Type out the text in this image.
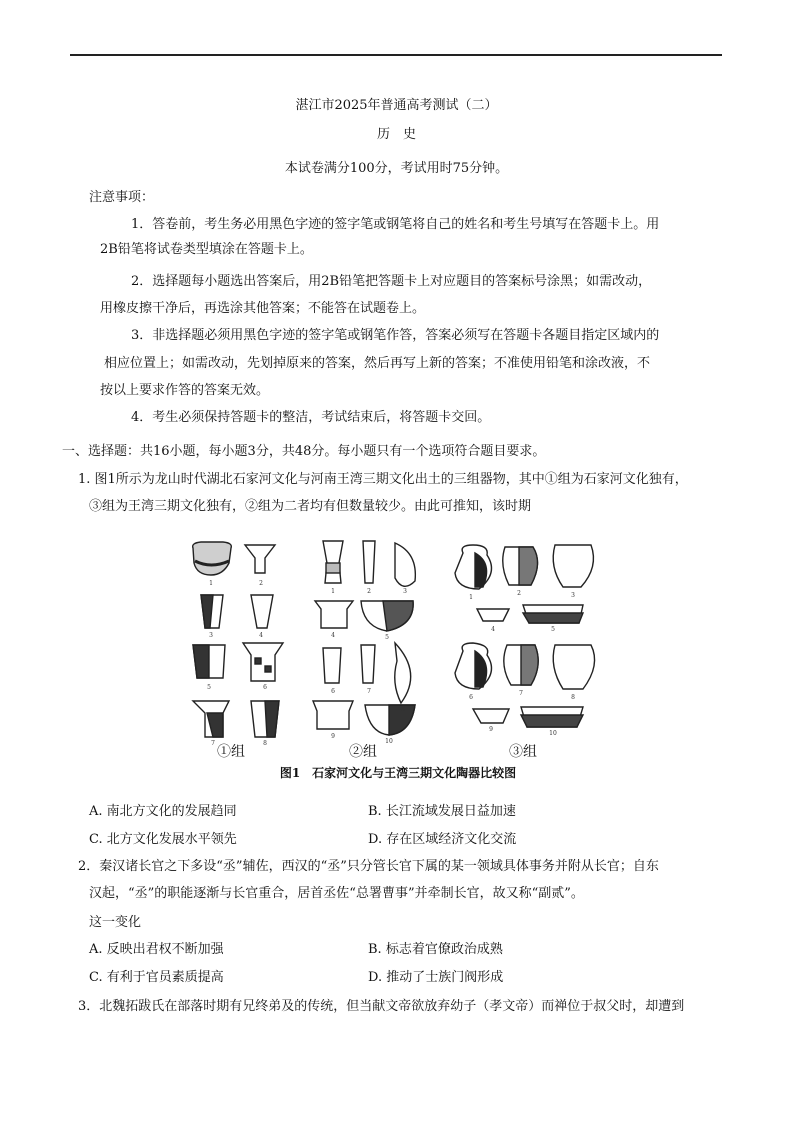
湛江市2025年普通高考测试（二）
历　史
本试卷满分100分，考试用时75分钟。
注意事项：
1．答卷前，考生务必用黑色字迹的签字笔或钢笔将自己的姓名和考生号填写在答题卡上。用
2B铅笔将试卷类型填涂在答题卡上。
2．选择题每小题选出答案后，用2B铅笔把答题卡上对应题目的答案标号涂黑；如需改动，
用橡皮擦干净后，再选涂其他答案；不能答在试题卷上。
3．非选择题必须用黑色字迹的签字笔或钢笔作答，答案必须写在答题卡各题目指定区域内的
相应位置上；如需改动，先划掉原来的答案，然后再写上新的答案；不准使用铅笔和涂改液，不
按以上要求作答的答案无效。
4．考生必须保持答题卡的整洁，考试结束后，将答题卡交回。
一、选择题：共16小题，每小题3分，共48分。每小题只有一个选项符合题目要求。
1. 图1所示为龙山时代湖北石家河文化与河南王湾三期文化出土的三组器物，其中①组为石家河文化独有，
③组为王湾三期文化独有，②组为二者均有但数量较少。由此可推知，该时期
①组	②组	③组
图1　石家河文化与王湾三期文化陶器比较图
1	2
3	4
5	6
7	8
1	2	3
4	5
6	7
8
9
10
1
2	3
4	5
6
7
8
9
10
A. 南北方文化的发展趋同	B. 长江流域发展日益加速
C. 北方文化发展水平领先	D. 存在区域经济文化交流
2．秦汉诸长官之下多设“丞”辅佐，西汉的“丞”只分管长官下属的某一领域具体事务并附从长官；自东
汉起，“丞”的职能逐渐与长官重合，居首丞佐“总署曹事”并牵制长官，故又称“副贰”。
这一变化
A. 反映出君权不断加强	B. 标志着官僚政治成熟
C. 有利于官员素质提高	D. 推动了士族门阀形成
3．北魏拓跋氏在部落时期有兄终弟及的传统，但当献文帝欲放弃幼子（孝文帝）而禅位于叔父时，却遭到
